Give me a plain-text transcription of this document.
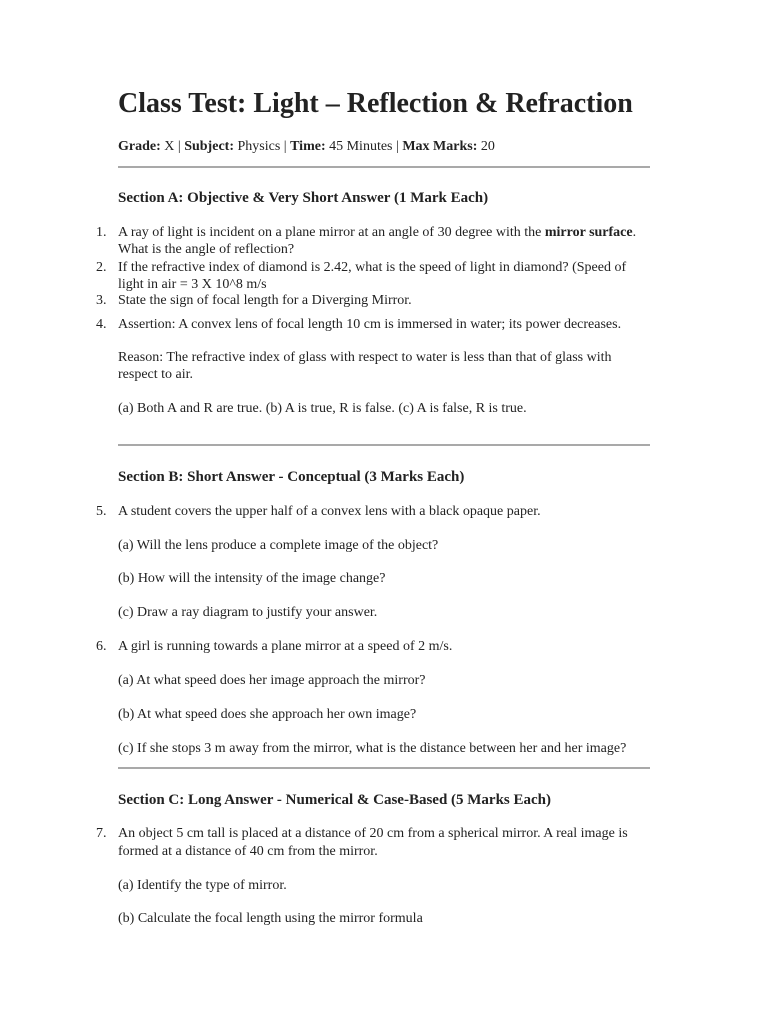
Class Test: Light – Reflection & Refraction
Grade: X | Subject: Physics | Time: 45 Minutes | Max Marks: 20
Section A: Objective & Very Short Answer (1 Mark Each)
1. A ray of light is incident on a plane mirror at an angle of 30 degree with the mirror surface.
What is the angle of reflection?
2. If the refractive index of diamond is 2.42, what is the speed of light in diamond? (Speed of
light in air = 3 X 10^8 m/s
3. State the sign of focal length for a Diverging Mirror.
4. Assertion: A convex lens of focal length 10 cm is immersed in water; its power decreases.
Reason: The refractive index of glass with respect to water is less than that of glass with
respect to air.
(a) Both A and R are true. (b) A is true, R is false. (c) A is false, R is true.
Section B: Short Answer - Conceptual (3 Marks Each)
5. A student covers the upper half of a convex lens with a black opaque paper.
(a) Will the lens produce a complete image of the object?
(b) How will the intensity of the image change?
(c) Draw a ray diagram to justify your answer.
6. A girl is running towards a plane mirror at a speed of 2 m/s.
(a) At what speed does her image approach the mirror?
(b) At what speed does she approach her own image?
(c) If she stops 3 m away from the mirror, what is the distance between her and her image?
Section C: Long Answer - Numerical & Case-Based (5 Marks Each)
7. An object 5 cm tall is placed at a distance of 20 cm from a spherical mirror. A real image is
formed at a distance of 40 cm from the mirror.
(a) Identify the type of mirror.
(b) Calculate the focal length using the mirror formula
